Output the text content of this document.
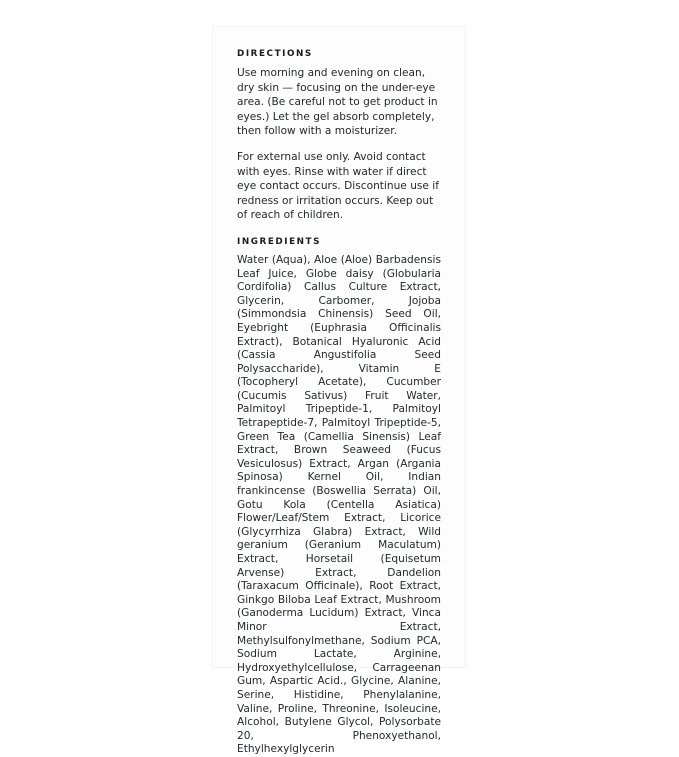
DIRECTIONS

Use morning and evening on clean, dry skin — focusing on the under-eye area. (Be careful not to get product in eyes.) Let the gel absorb completely, then follow with a moisturizer.

For external use only. Avoid contact with eyes. Rinse with water if direct eye contact occurs. Discontinue use if redness or irritation occurs. Keep out of reach of children.

INGREDIENTS

Water (Aqua), Aloe (Aloe) Barbadensis Leaf Juice, Globe daisy (Globularia Cordifolia) Callus Culture Extract, Glycerin, Carbomer, Jojoba (Simmondsia Chinensis) Seed Oil, Eyebright (Euphrasia Officinalis Extract), Botanical Hyaluronic Acid (Cassia Angustifolia Seed Polysaccharide), Vitamin E (Tocopheryl Acetate), Cucumber (Cucumis Sativus) Fruit Water, Palmitoyl Tripeptide-1, Palmitoyl Tetrapeptide-7, Palmitoyl Tripeptide-5, Green Tea (Camellia Sinensis) Leaf Extract, Brown Seaweed (Fucus Vesiculosus) Extract, Argan (Argania Spinosa) Kernel Oil, Indian frankincense (Boswellia Serrata) Oil, Gotu Kola (Centella Asiatica) Flower/Leaf/Stem Extract, Licorice (Glycyrrhiza Glabra) Extract, Wild geranium (Geranium Maculatum) Extract, Horsetail (Equisetum Arvense) Extract, Dandelion (Taraxacum Officinale), Root Extract, Ginkgo Biloba Leaf Extract, Mushroom (Ganoderma Lucidum) Extract, Vinca Minor Extract, Methylsulfonylmethane, Sodium PCA, Sodium Lactate, Arginine, Hydroxyethylcellulose, Carrageenan Gum, Aspartic Acid., Glycine, Alanine, Serine, Histidine, Phenylalanine, Valine, Proline, Threonine, Isoleucine, Alcohol, Butylene Glycol, Polysorbate 20, Phenoxyethanol, Ethylhexylglycerin
